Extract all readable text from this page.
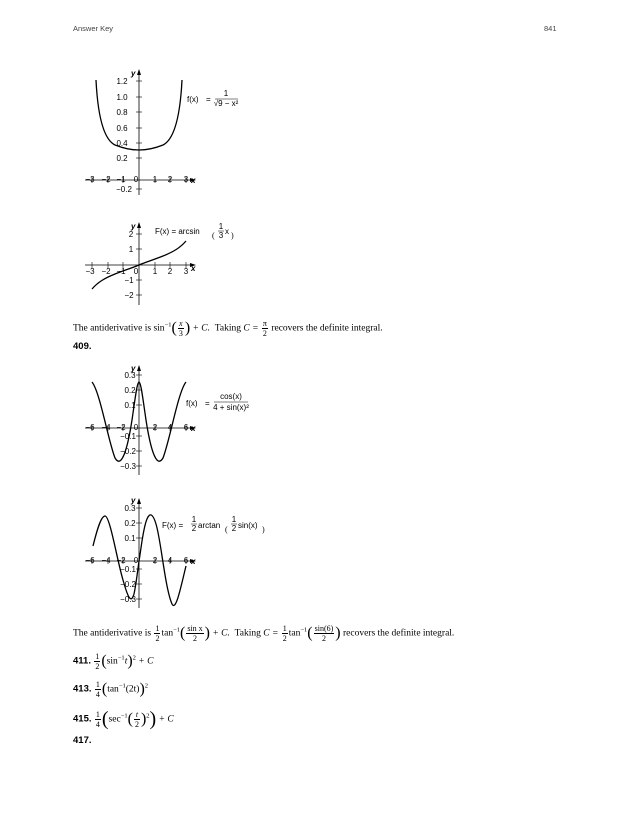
Answer Key	841
y
x
1.2
1.0
0.8
0.6
0.4
0.2
−0.2
−3 −2 −1 0 1 2 3
f(x) =
1
√9 − x²
y
x
2
1
−1
−2
−3 −2 −1 0 1 2 3
F(x) = arcsin (
1
3 x )
y
x
0.3
0.2
0.1
−0.1
−0.2
−0.3
−6 −4 −2 0 2 4 6
f(x) =
cos(x)
4 + sin(x)²
y
x
0.3
0.2
0.1
−0.1
−0.2
−0.3
−6 −4 −2 0 2 4 6
F(x) =
1
2 arctan (
1
2 sin(x) )
The antiderivative is $\sin^{-1}( \frac{x}{3}$ ) + C. Taking $C = \frac{\pi}{2}$ recovers the definite integral.
409.
The antiderivative is $\frac{1}{2} \tan^{-1}( \frac{\text{sin x}}{2}$ ) + C. Taking $C = \frac{1}{2} \tan^{-1}( \frac{\sin(6)}{2}$ ) recovers the definite integral.
411. $\frac{1}{2} (\sin^{-1}t)^2 + C$
413. $\frac{1}{4} (\tan^{-1}(2t))^2$
415. $\frac{1}{4} (\sec^{-1}( \frac{t}{2} )^2) + C$
417.
